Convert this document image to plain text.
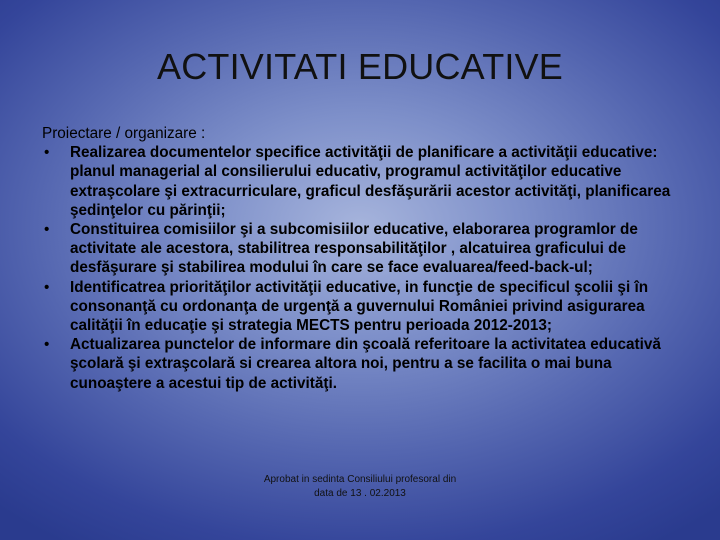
ACTIVITATI EDUCATIVE

Proiectare / organizare :

• Realizarea documentelor specifice activităţii de planificare a activităţii educative: planul managerial al consilierului educativ, programul activităţilor educative extraşcolare şi extracurriculare, graficul desfăşurării acestor activităţi, planificarea şedinţelor cu părinţii;
• Constituirea comisiilor şi a subcomisiilor educative, elaborarea programlor de activitate ale acestora, stabilitrea responsabilităţilor , alcatuirea graficului de desfăşurare şi stabilirea modului în care se face evaluarea/feed-back-ul;
• Identificatrea priorităţilor activităţii educative, in funcţie de specificul şcolii şi în consonanţă cu ordonanţa de urgenţă a guvernului României privind asigurarea calităţii în educaţie şi strategia MECTS pentru perioada 2012-2013;
• Actualizarea punctelor de informare din şcoală referitoare la activitatea educativă şcolară şi extraşcolară si crearea altora noi, pentru a se facilita o mai buna cunoaştere a acestui tip de activităţi.
Aprobat in sedinta Consiliului profesoral din
data de 13 . 02.2013
